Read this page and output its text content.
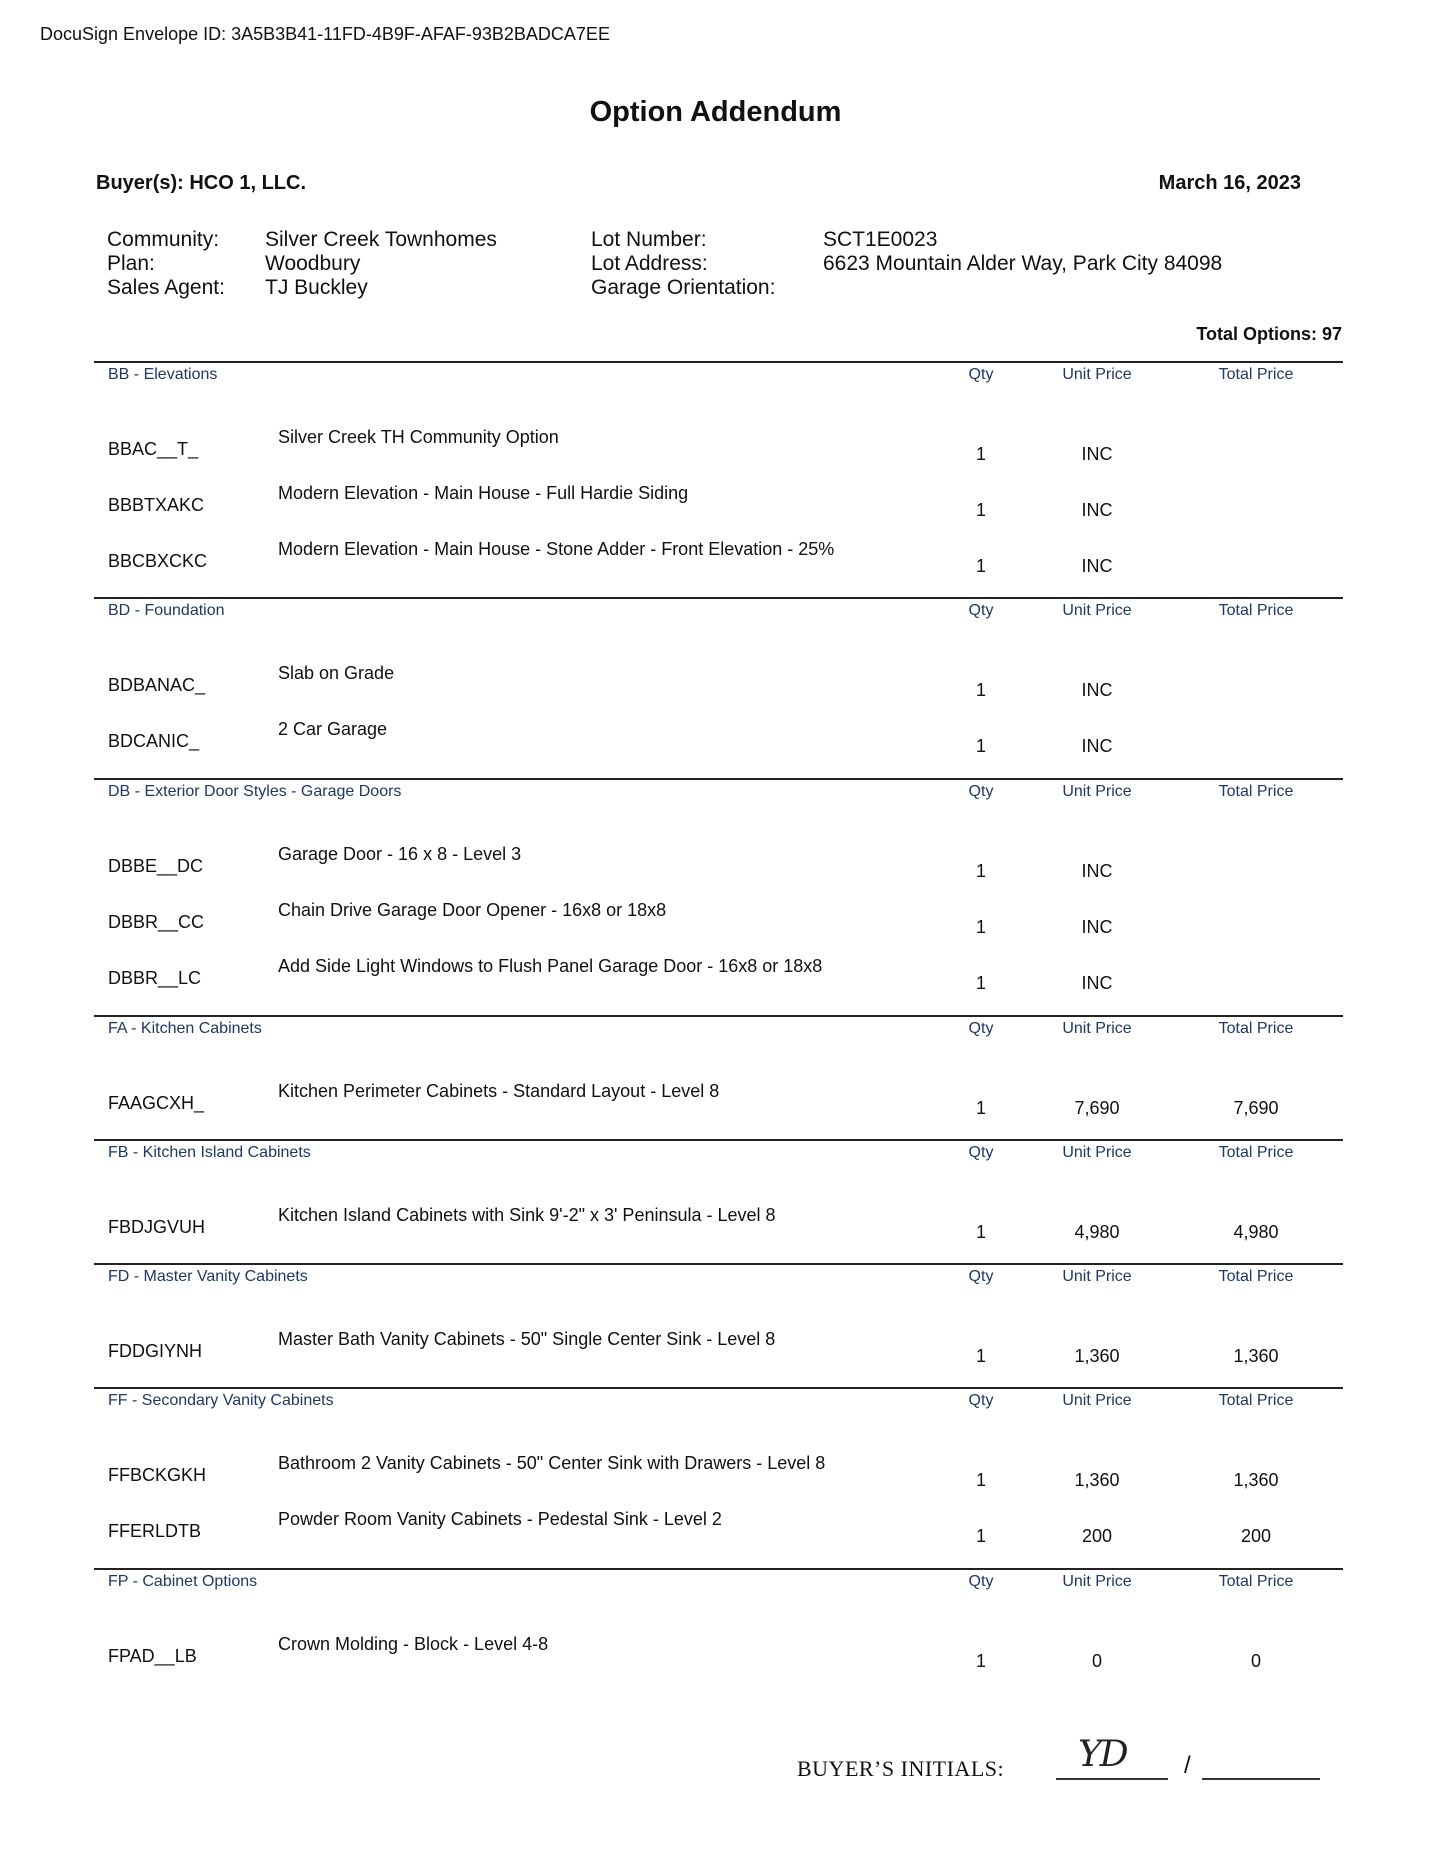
DocuSign Envelope ID: 3A5B3B41-11FD-4B9F-AFAF-93B2BADCA7EE
Option Addendum
Buyer(s): HCO 1, LLC.	March 16, 2023
Community: Silver Creek Townhomes
Plan:	Woodbury
Sales Agent: TJ Buckley
Lot Number:	SCT1E0023
Lot Address:	6623 Mountain Alder Way, Park City 84098
Garage Orientation:
Total Options: 97
BB - Elevations	Qty	Unit Price	Total Price
Silver Creek TH Community Option
BBAC__T_	1	INC
Modern Elevation - Main House - Full Hardie Siding
BBBTXAKC	1	INC
Modern Elevation - Main House - Stone Adder - Front Elevation - 25%
BBCBXCKC	1	INC
BD - Foundation	Qty	Unit Price	Total Price
Slab on Grade
BDBANAC_	1	INC
2 Car Garage
BDCANIC_	1	INC
DB - Exterior Door Styles - Garage Doors	Qty	Unit Price	Total Price
Garage Door - 16 x 8 - Level 3
DBBE__DC	1	INC
Chain Drive Garage Door Opener - 16x8 or 18x8
DBBR__CC	1	INC
Add Side Light Windows to Flush Panel Garage Door - 16x8 or 18x8
DBBR__LC	1	INC
FA - Kitchen Cabinets	Qty	Unit Price	Total Price
Kitchen Perimeter Cabinets - Standard Layout - Level 8
FAAGCXH_	1	7,690	7,690
FB - Kitchen Island Cabinets	Qty	Unit Price	Total Price
Kitchen Island Cabinets with Sink 9'-2" x 3' Peninsula - Level 8
FBDJGVUH	1	4,980	4,980
FD - Master Vanity Cabinets	Qty	Unit Price	Total Price
Master Bath Vanity Cabinets - 50" Single Center Sink - Level 8
FDDGIYNH	1	1,360	1,360
FF - Secondary Vanity Cabinets	Qty	Unit Price	Total Price
Bathroom 2 Vanity Cabinets - 50" Center Sink with Drawers - Level 8
FFBCKGKH	1	1,360	1,360
Powder Room Vanity Cabinets - Pedestal Sink - Level 2
FFERLDTB	1	200	200
FP - Cabinet Options	Qty	Unit Price	Total Price
Crown Molding - Block - Level 4-8
FPAD__LB	1	0	0
BUYER’S INITIALS: YD /
